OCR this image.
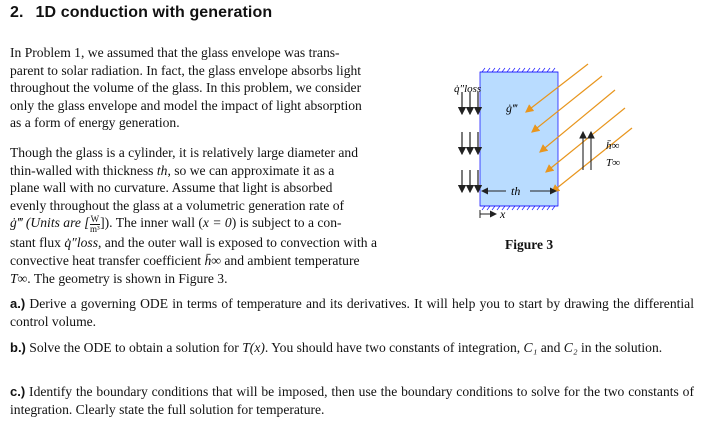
2. 1D conduction with generation
In Problem 1, we assumed that the glass envelope was trans-
parent to solar radiation. In fact, the glass envelope absorbs light
throughout the volume of the glass. In this problem, we consider
only the glass envelope and model the impact of light absorption
as a form of energy generation.
Though the glass is a cylinder, it is relatively large diameter and
thin-walled with thickness th, so we can approximate it as a
plane wall with no curvature. Assume that light is absorbed
evenly throughout the glass at a volumetric generation rate of
ġ‴ (Units are [ $\frac{W}{\text{m³}}$ ]). The inner wall (x = 0) is subject to a con-
stant flux q̇″loss, and the outer wall is exposed to convection with a
convective heat transfer coefficient h̄∞ and ambient temperature
T∞. The geometry is shown in Figure 3.
q̇″loss
ġ‴
th
x
h̄∞
T∞
Figure 3
a.) Derive a governing ODE in terms of temperature and its derivatives. It will help you to start by drawing the differential control volume.
b.) Solve the ODE to obtain a solution for T(x). You should have two constants of integration, C₁ and C₂ in the solution.
c.) Identify the boundary conditions that will be imposed, then use the boundary conditions to solve for the two constants of integration. Clearly state the full solution for temperature.
